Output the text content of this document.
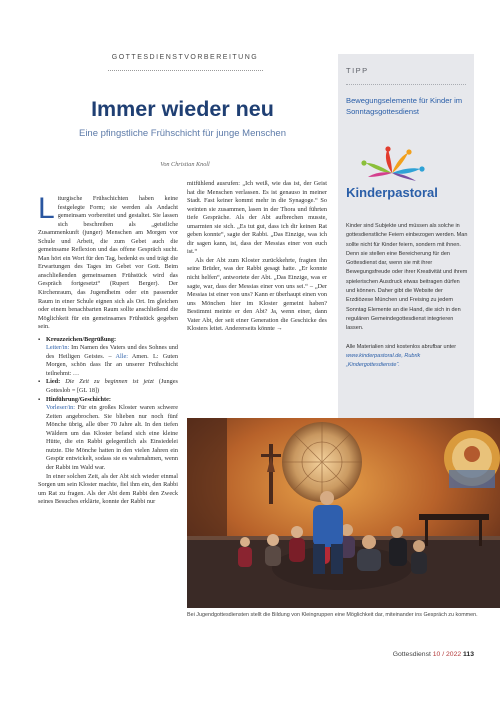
GOTTESDIENSTVORBEREITUNG
Immer wieder neu
Eine pfingstliche Frühschicht für junge Menschen
Von Christian Knoll

Liturgische Frühschichten haben keine festgelegte Form; sie werden als Andacht gemeinsam vorbereitet und gestaltet. Sie lassen sich beschreiben als „geistliche Zusammenkunft (junger) Menschen am Morgen vor Schule und Arbeit, die zum Gebet auch die gemeinsame Reflexion und das offene Gespräch sucht. Man hört ein Wort für den Tag, bedenkt es und trägt die Erwartungen des Tages im Gebet vor Gott. Beim anschließenden gemeinsamen Frühstück wird das Gespräch fortgesetzt“ (Rupert Berger). Der Kirchenraum, das Jugendheim oder ein passender Raum in einer Schule eignen sich als Ort. Im gleichen oder einem benachbarten Raum sollte anschließend die Möglichkeit für ein gemeinsames Frühstück gegeben sein.

▪ Kreuzzeichen/Begrüßung:
Leiter/in: Im Namen des Vaters und des Sohnes und des Heiligen Geistes. – Alle: Amen. L: Guten Morgen, schön dass Ihr an unserer Frühschicht teilnehmt: …

▪ Lied: Die Zeit zu beginnen ist jetzt (Junges Gotteslob = [GL 18])

▪ Hinführung/Geschichte:
Vorleser/in: Für ein großes Kloster waren schwere Zeiten angebrochen. Sie blieben nur noch fünf Mönche übrig, alle über 70 Jahre alt. In den tiefen Wäldern um das Kloster befand sich eine kleine Hütte, die ein Rabbi gelegentlich als Einsiedelei nutzte. Die Mönche hatten in den vielen Jahren ein Gespür entwickelt, sodass sie es wahrnahmen, wenn der Rabbi im Wald war.

In einer solchen Zeit, als der Abt sich wieder einmal Sorgen um sein Kloster machte, fiel ihm ein, den Rabbi um Rat zu fragen. Als der Abt dem Rabbi den Zweck seines Besuches erklärte, konnte der Rabbi nur

mitfühlend ausrufen: „Ich weiß, wie das ist, der Geist hat die Menschen verlassen. Es ist genauso in meiner Stadt. Fast keiner kommt mehr in die Synagoge.“ So weinten sie zusammen, lasen in der Thora und führten tiefe Gespräche. Als der Abt aufbrechen musste, umarmten sie sich. „Es tut gut, dass ich dir keinen Rat geben konnte“, sagte der Rabbi. „Das Einzige, was ich dir sagen kann, ist, dass der Messias einer von euch ist.“

Als der Abt zum Kloster zurückkehrte, fragten ihn seine Brüder, was der Rabbi gesagt hatte. „Er konnte nicht helfen“, antwortete der Abt. „Das Einzige, was er sagte, war, dass der Messias einer von uns sei.“ – „Der Messias ist einer von uns? Kann er überhaupt einen von uns Mönchen hier im Kloster gemeint haben? Bestimmt meinte er den Abt? Ja, wenn einer, dann Vater Abt, der seit einer Generation die Geschicke des Klosters leitet. Andererseits könnte →

TIPP
Bewegungselemente für Kinder im Sonntagsgottesdienst
Kinderpastoral

Kinder sind Subjekte und müssen als solche in gottesdienstliche Feiern einbezogen werden. Man sollte nicht für Kinder feiern, sondern mit ihnen. Denn sie stellen eine Bereicherung für den Gottesdienst dar, wenn sie mit ihrer Bewegungsfreude oder ihrer Kreativität und ihrem spielerischen Ausdruck etwas beitragen dürfen und können. Daher gibt die Website der Erzdiözese München und Freising zu jedem Sonntag Elemente an die Hand, die sich in den regulären Gemeindegottesdienst integrieren lassen.

Alle Materialien sind kostenlos abrufbar unter www.kinderpastoral.de, Rubrik „Kindergottesdienste“.

Bei Jugendgottesdiensten stellt die Bildung von Kleingruppen eine Möglichkeit dar, miteinander ins Gespräch zu kommen.
Gottesdienst 10 / 2022 113
